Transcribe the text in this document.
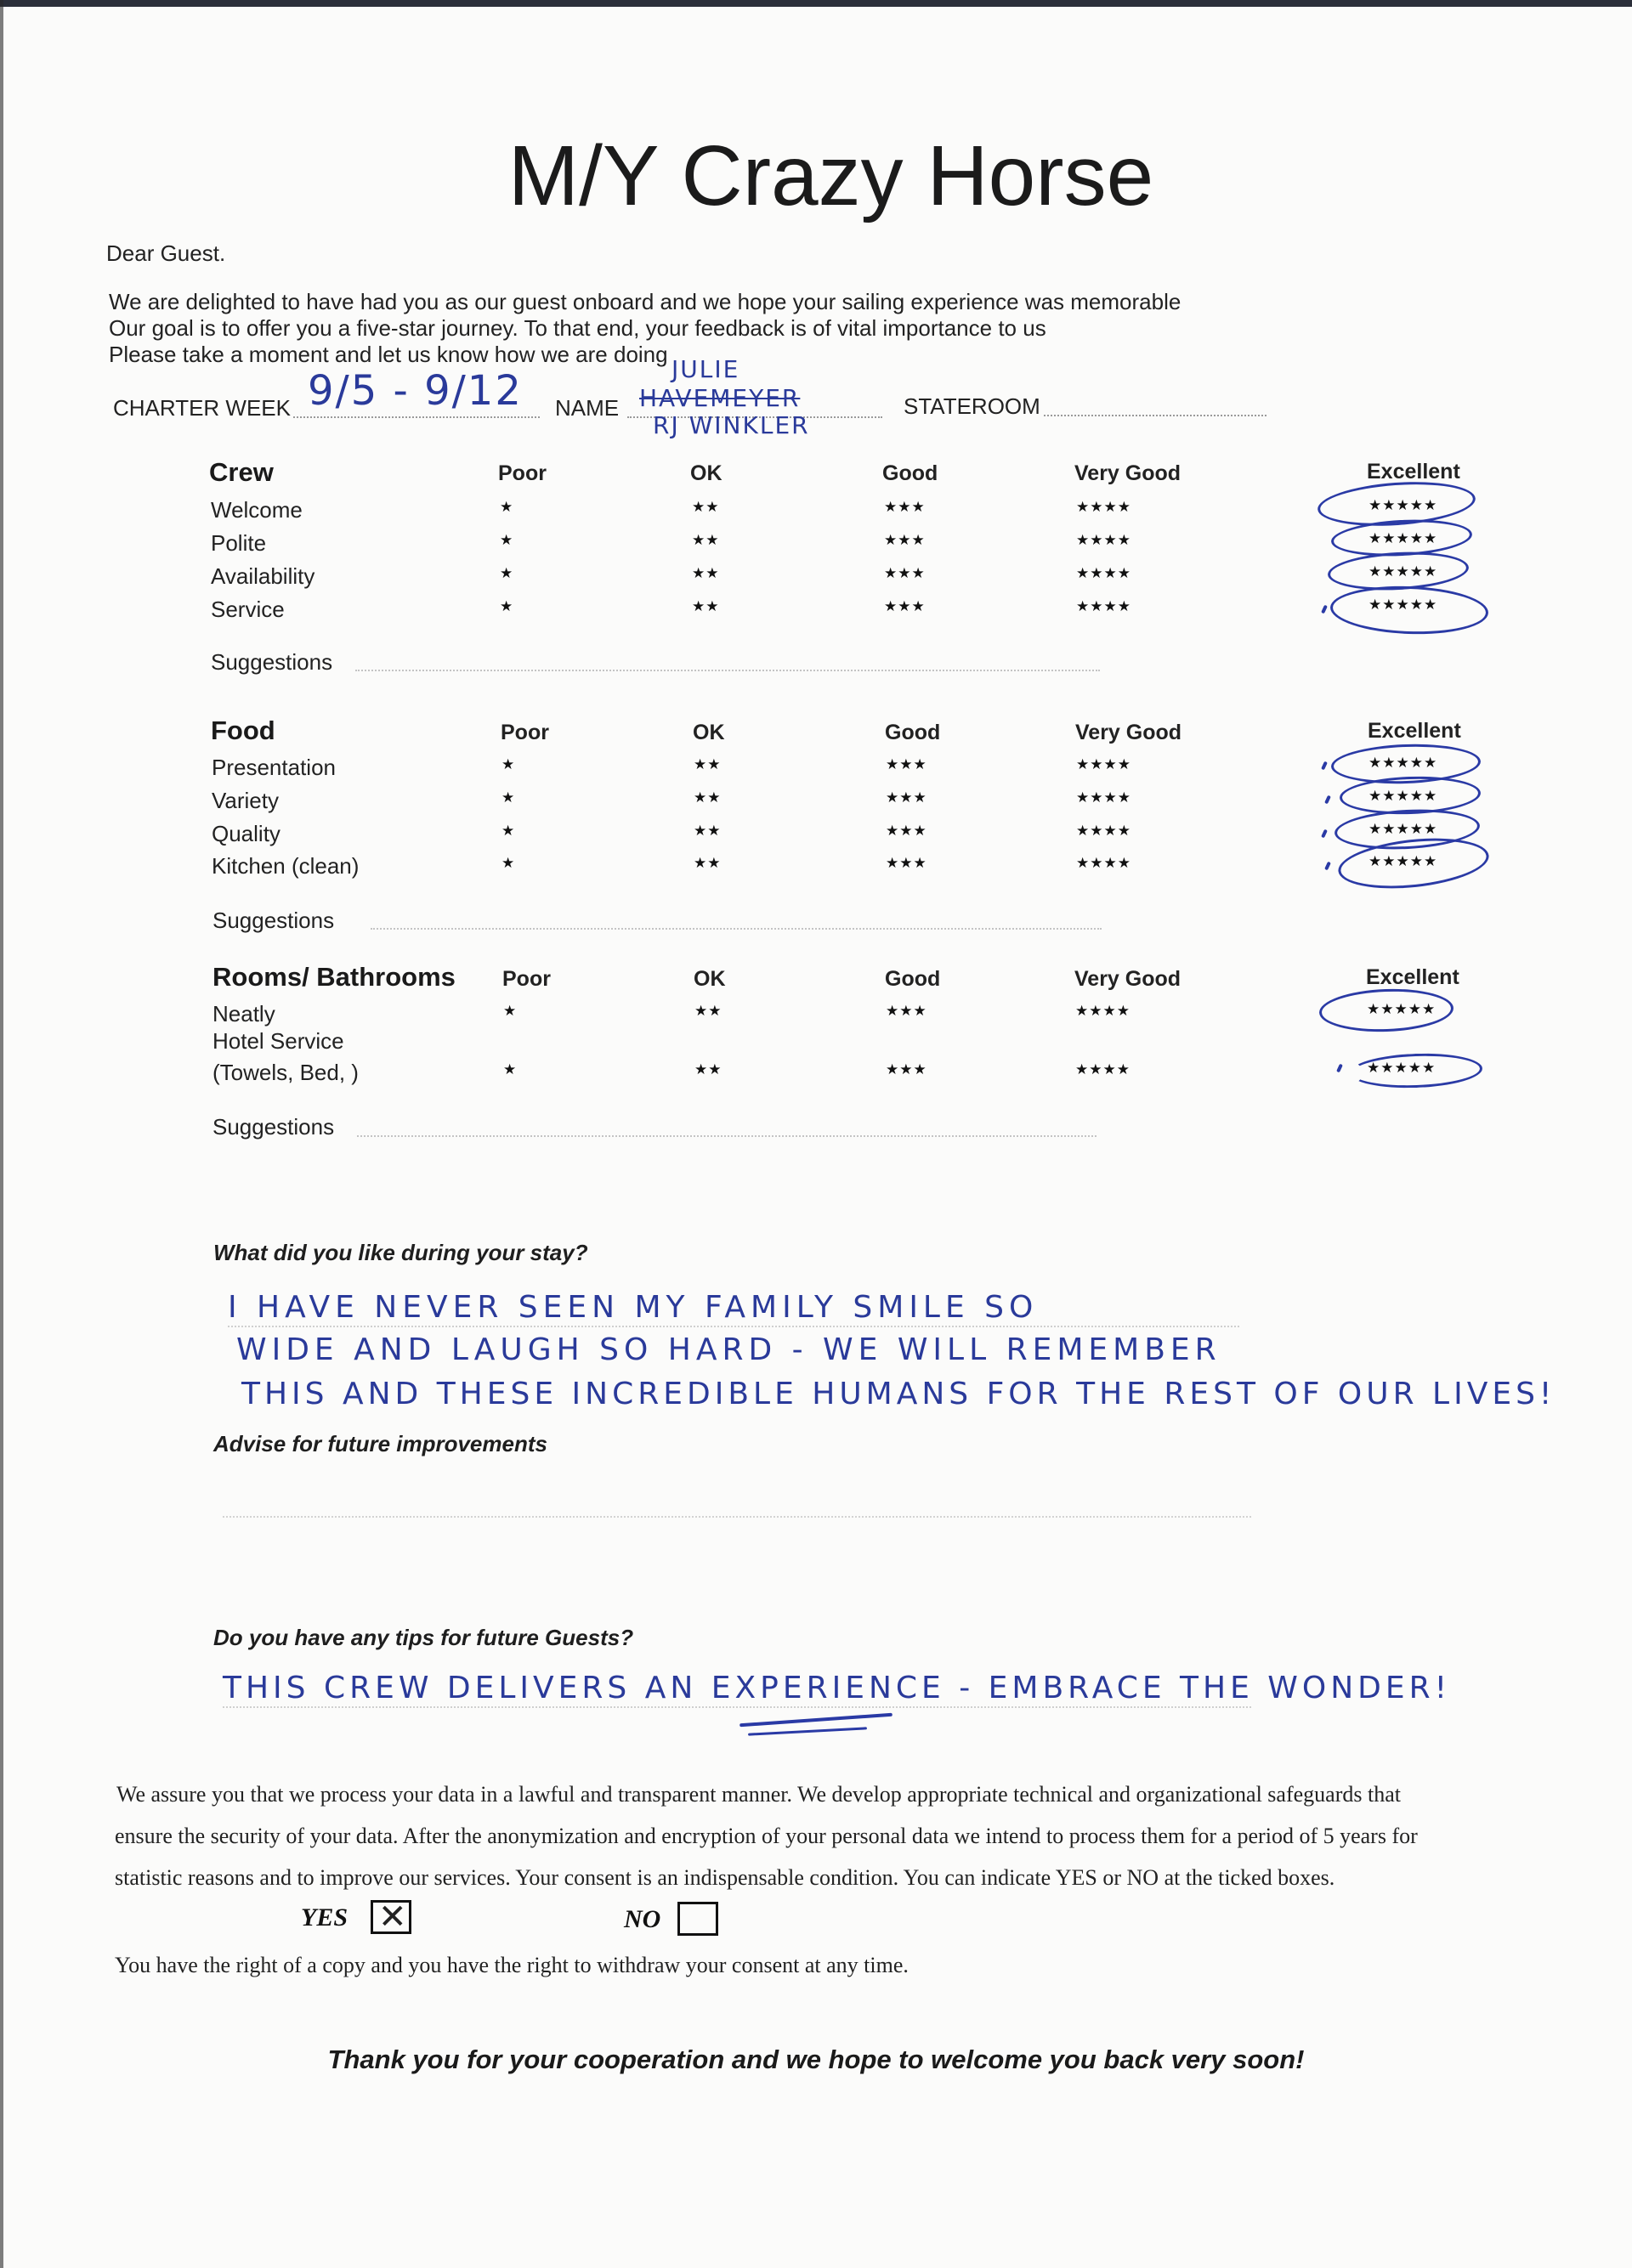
M/Y Crazy Horse
Dear Guest.
We are delighted to have had you as our guest onboard and we hope your sailing experience was memorable
Our goal is to offer you a five-star journey. To that end, your feedback is of vital importance to us
Please take a moment and let us know how we are doing
CHARTER WEEK 9/5 - 9/12 NAME
JULIE
HAVEMEYER
RJ WINKLER
STATEROOM
Crew	Poor	OK	Good	Very Good	Excellent
Welcome	★	★★	★★★	★★★★	★★★★★
Polite	★	★★	★★★	★★★★	★★★★★
Availability	★	★★	★★★	★★★★	★★★★★
Service	★	★★	★★★	★★★★	★★★★★
Suggestions
Food	Poor	OK	Good	Very Good	Excellent
Presentation	★	★★	★★★	★★★★	★★★★★
Variety	★	★★	★★★	★★★★	★★★★★
Quality	★	★★	★★★	★★★★	★★★★★
Kitchen (clean)	★	★★	★★★	★★★★	★★★★★
Suggestions
Rooms/ Bathrooms Poor	OK	Good	Very Good	Excellent
Neatly	★	★★	★★★	★★★★	★★★★★
Hotel Service
(Towels, Bed, )	★	★★	★★★	★★★★	★★★★★
Suggestions
What did you like during your stay?
I HAVE NEVER SEEN MY FAMILY SMILE SO
WIDE AND LAUGH SO HARD - WE WILL REMEMBER
THIS AND THESE INCREDIBLE HUMANS FOR THE REST OF OUR LIVES!
Advise for future improvements
Do you have any tips for future Guests?
THIS CREW DELIVERS AN EXPERIENCE - EMBRACE THE WONDER!
We assure you that we process your data in a lawful and transparent manner. We develop appropriate technical and organizational safeguards that
ensure the security of your data. After the anonymization and encryption of your personal data we intend to process them for a period of 5 years for
statistic reasons and to improve our services. Your consent is an indispensable condition. You can indicate YES or NO at the ticked boxes.
YES ✕	NO
You have the right of a copy and you have the right to withdraw your consent at any time.
Thank you for your cooperation and we hope to welcome you back very soon!
